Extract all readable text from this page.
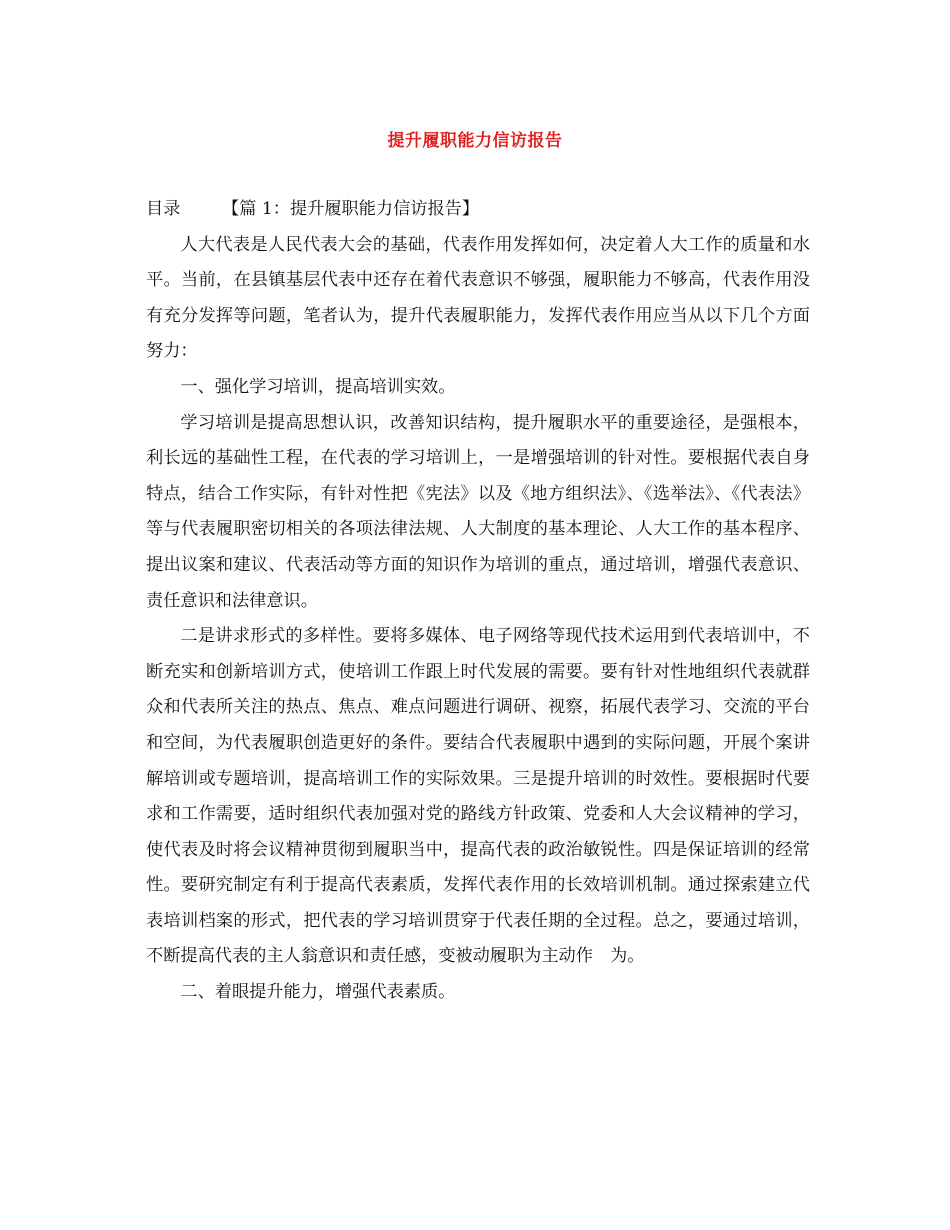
提升履职能力信访报告
目录 【篇 1：提升履职能力信访报告】

人大代表是人民代表大会的基础，代表作用发挥如何，决定着人大工作的质量和水平。当前，在县镇基层代表中还存在着代表意识不够强，履职能力不够高，代表作用没有充分发挥等问题，笔者认为，提升代表履职能力，发挥代表作用应当从以下几个方面努力：

一、强化学习培训，提高培训实效。

学习培训是提高思想认识，改善知识结构，提升履职水平的重要途径，是强根本，利长远的基础性工程，在代表的学习培训上，一是增强培训的针对性。要根据代表自身特点，结合工作实际，有针对性把《宪法》以及《地方组织法》、《选举法》、《代表法》等与代表履职密切相关的各项法律法规、人大制度的基本理论、人大工作的基本程序、提出议案和建议、代表活动等方面的知识作为培训的重点，通过培训，增强代表意识、责任意识和法律意识。

二是讲求形式的多样性。要将多媒体、电子网络等现代技术运用到代表培训中，不断充实和创新培训方式，使培训工作跟上时代发展的需要。要有针对性地组织代表就群众和代表所关注的热点、焦点、难点问题进行调研、视察，拓展代表学习、交流的平台和空间，为代表履职创造更好的条件。要结合代表履职中遇到的实际问题，开展个案讲解培训或专题培训，提高培训工作的实际效果。三是提升培训的时效性。要根据时代要求和工作需要，适时组织代表加强对党的路线方针政策、党委和人大会议精神的学习，使代表及时将会议精神贯彻到履职当中，提高代表的政治敏锐性。四是保证培训的经常性。要研究制定有利于提高代表素质，发挥代表作用的长效培训机制。通过探索建立代表培训档案的形式，把代表的学习培训贯穿于代表任期的全过程。总之，要通过培训，不断提高代表的主人翁意识和责任感，变被动履职为主动作　为。

二、着眼提升能力，增强代表素质。
